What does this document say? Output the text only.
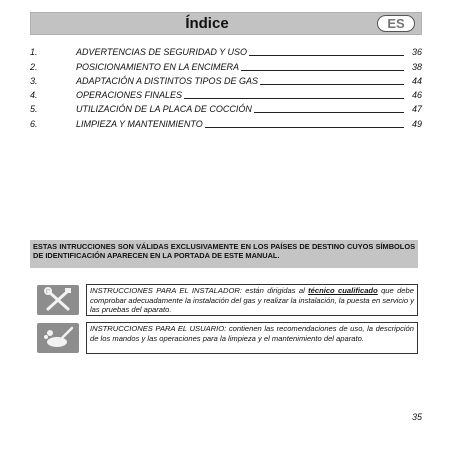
Índice	ES
1.	ADVERTENCIAS DE SEGURIDAD Y USO	36
2.	POSICIONAMIENTO EN LA ENCIMERA	38
3.	ADAPTACIÓN A DISTINTOS TIPOS DE GAS	44
4.	OPERACIONES FINALES	46
5.	UTILIZACIÓN DE LA PLACA DE COCCIÓN	47
6.	LIMPIEZA Y MANTENIMIENTO	49
ESTAS INTRUCCIONES SON VÁLIDAS EXCLUSIVAMENTE EN LOS PAÍSES DE DESTINO CUYOS SÍMBOLOS DE IDENTIFICACIÓN APARECEN EN LA PORTADA DE ESTE MANUAL.
INSTRUCCIONES PARA EL INSTALADOR: están dirigidas al técnico cualificado que debe comprobar adecuadamente la instalación del gas y realizar la instalación, la puesta en servicio y las pruebas del aparato.
INSTRUCCIONES PARA EL USUARIO: contienen las recomendaciones de uso, la descripción de los mandos y las operaciones para la limpieza y el mantenimiento del aparato.
35
